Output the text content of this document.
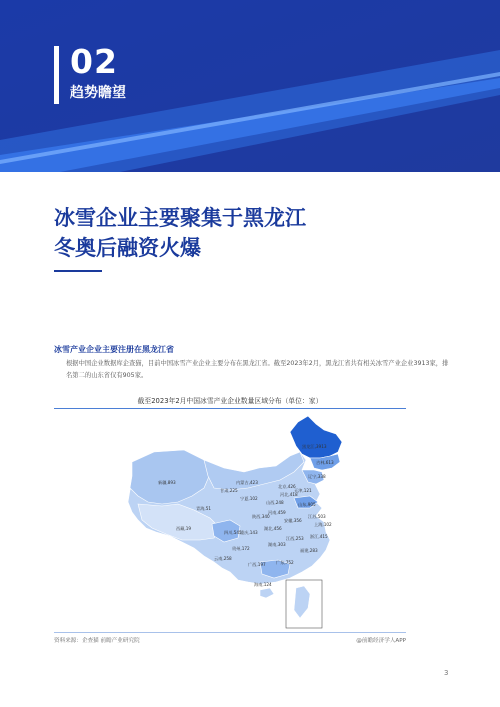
02
趋势瞻望
冰雪企业主要聚集于黑龙江
冬奥后融资火爆
冰雪产业企业主要注册在黑龙江省
根据中国企业数据库企查猫，目前中国冰雪产业企业主要分布在黑龙江省。截至2023年2月，黑龙江省共有相关冰雪产业企业3913家，排名第二的山东省仅有905家。
截至2023年2月中国冰雪产业企业数量区域分布（单位：家）
黑龙江,3913
吉林,613
辽宁,338
内蒙古,423
北京,426
天津,121
河北,418
山西,248	山东,905
新疆,893
甘肃,225
宁夏,102
青海,51
西藏,19
陕西,340
河南,459
江苏,503
安徽,356
上海,102
四川,545
重庆,143
湖北,456
浙江,415
江西,253
湖南,303
贵州,172	福建,283
云南,258
广西,197 广东,752
海南,124
资料来源：企查猫 前瞻产业研究院	@前瞻经济学人APP
3
